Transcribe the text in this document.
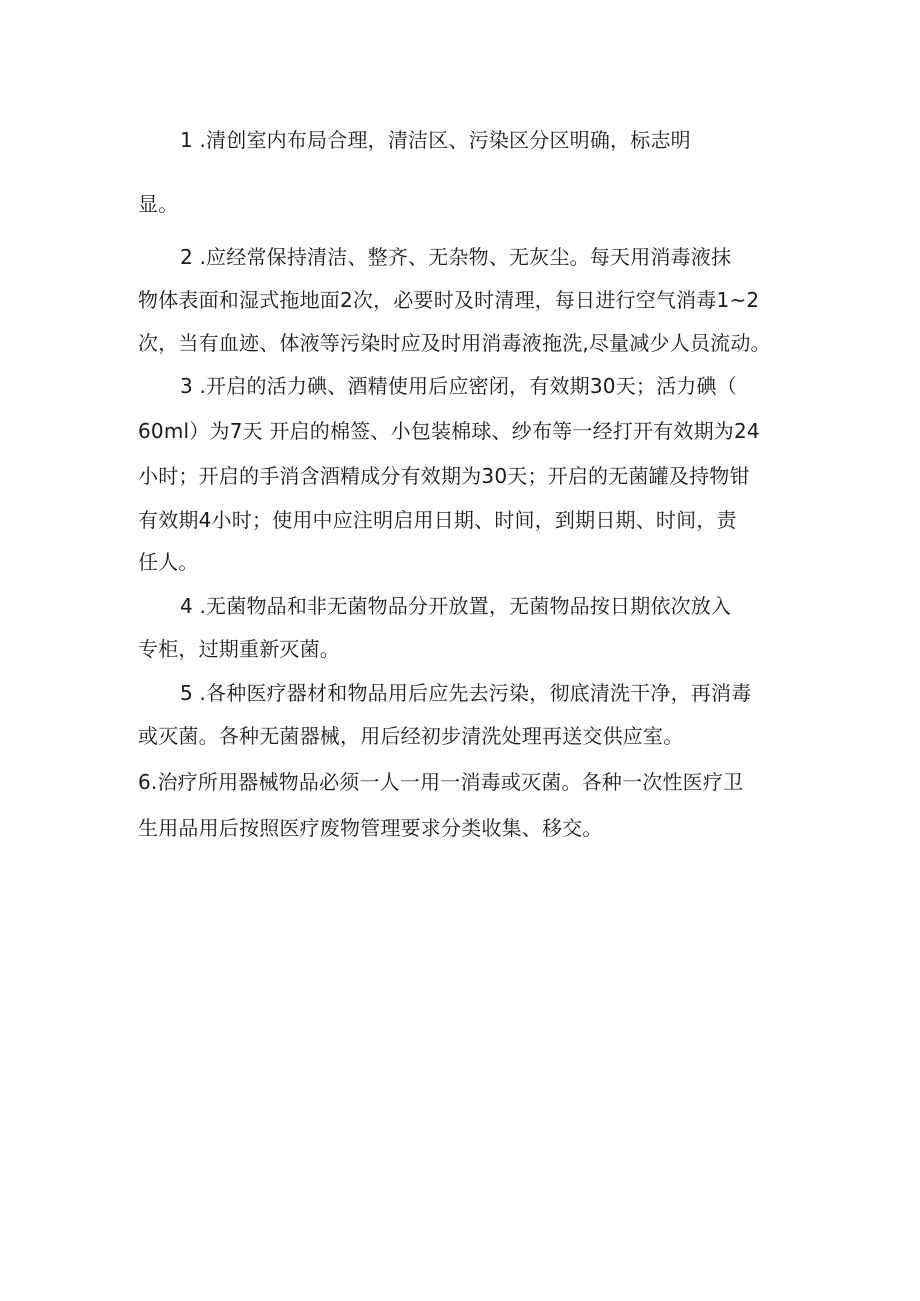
1 .清创室内布局合理，清洁区、污染区分区明确，标志明
显。
2 .应经常保持清洁、整齐、无杂物、无灰尘。每天用消毒液抹
物体表面和湿式拖地面2次，必要时及时清理，每日进行空气消毒1~2
次，当有血迹、体液等污染时应及时用消毒液拖洗,尽量减少人员流动。
3 .开启的活力碘、酒精使用后应密闭，有效期30天；活力碘（
60ml）为7天 开启的棉签、小包装棉球、纱布等一经打开有效期为24
小时；开启的手消含酒精成分有效期为30天；开启的无菌罐及持物钳
有效期4小时；使用中应注明启用日期、时间，到期日期、时间，责
任人。
4 .无菌物品和非无菌物品分开放置，无菌物品按日期依次放入
专柜，过期重新灭菌。
5 .各种医疗器材和物品用后应先去污染，彻底清洗干净，再消毒
或灭菌。各种无菌器械，用后经初步清洗处理再送交供应室。
6.治疗所用器械物品必须一人一用一消毒或灭菌。各种一次性医疗卫
生用品用后按照医疗废物管理要求分类收集、移交。
